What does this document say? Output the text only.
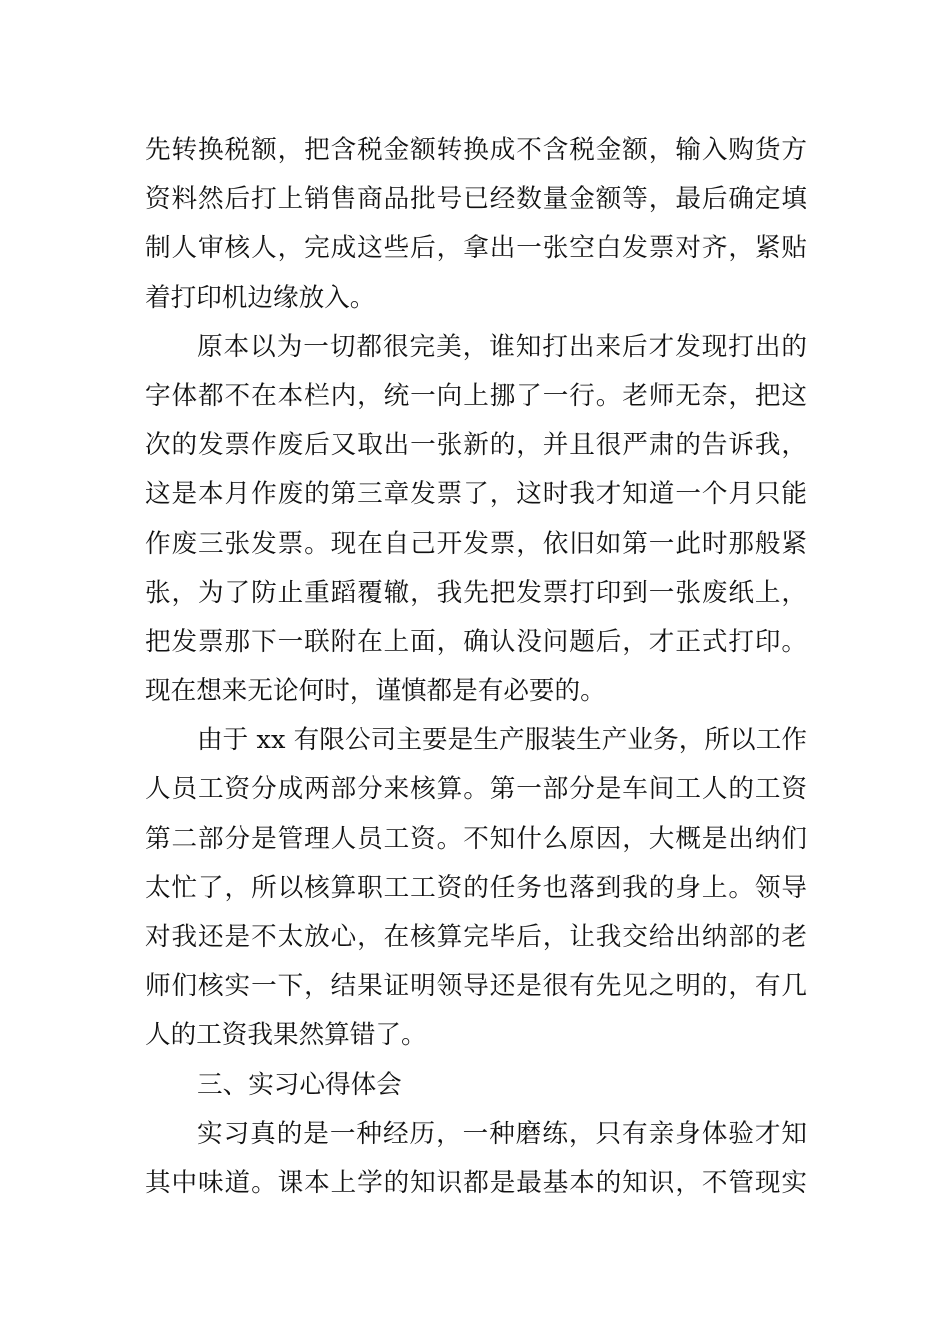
先转换税额，把含税金额转换成不含税金额，输入购货方
资料然后打上销售商品批号已经数量金额等，最后确定填
制人审核人，完成这些后，拿出一张空白发票对齐，紧贴
着打印机边缘放入。
原本以为一切都很完美，谁知打出来后才发现打出的
字体都不在本栏内，统一向上挪了一行。老师无奈，把这
次的发票作废后又取出一张新的，并且很严肃的告诉我，
这是本月作废的第三章发票了，这时我才知道一个月只能
作废三张发票。现在自己开发票，依旧如第一此时那般紧
张，为了防止重蹈覆辙，我先把发票打印到一张废纸上，
把发票那下一联附在上面，确认没问题后，才正式打印。
现在想来无论何时，谨慎都是有必要的。
由于 xx 有限公司主要是生产服装生产业务，所以工作
人员工资分成两部分来核算。第一部分是车间工人的工资
第二部分是管理人员工资。不知什么原因，大概是出纳们
太忙了，所以核算职工工资的任务也落到我的身上。领导
对我还是不太放心，在核算完毕后，让我交给出纳部的老
师们核实一下，结果证明领导还是很有先见之明的，有几
人的工资我果然算错了。
三、实习心得体会
实习真的是一种经历，一种磨练，只有亲身体验才知
其中味道。课本上学的知识都是最基本的知识，不管现实
